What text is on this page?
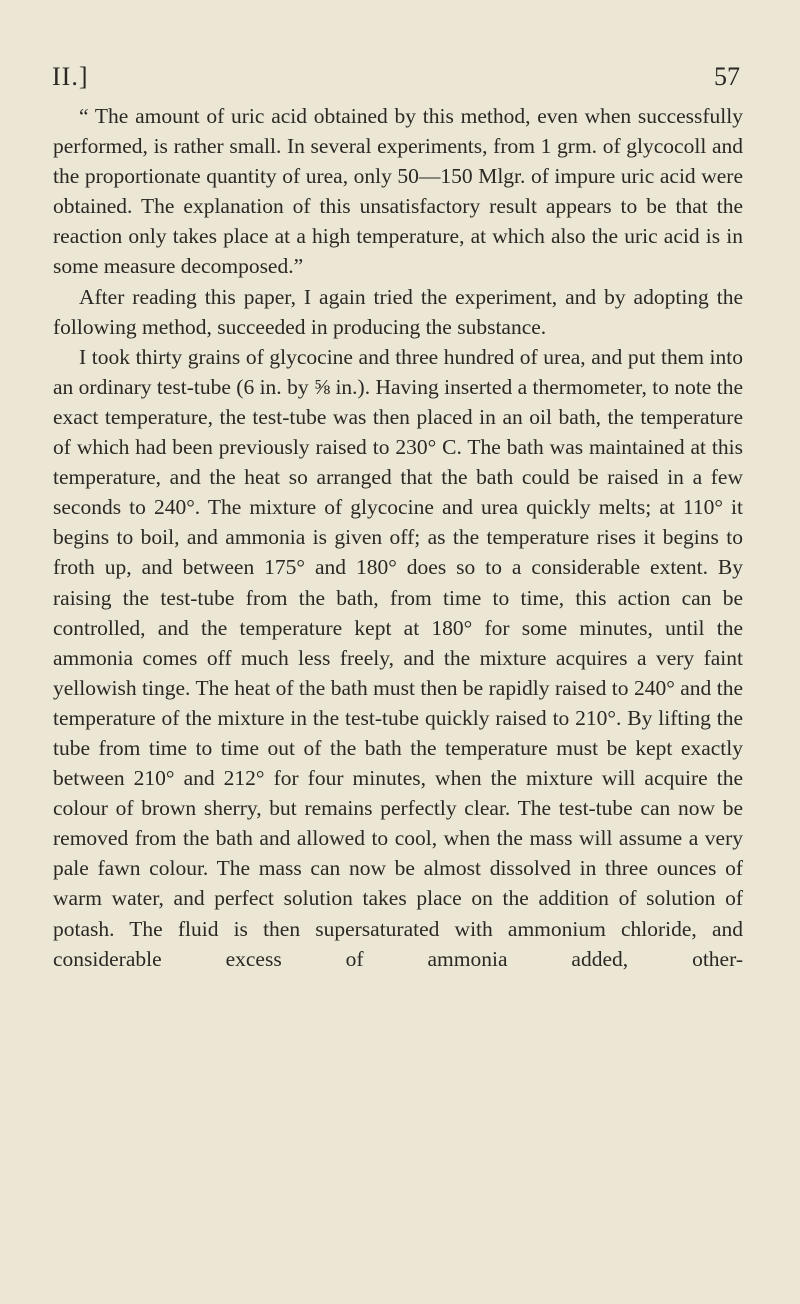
II.]	57

“ The amount of uric acid obtained by this method, even when successfully performed, is rather small. In several experiments, from 1 grm. of glycocoll and the proportionate quantity of urea, only 50—150 Mlgr. of impure uric acid were obtained. The explanation of this unsatisfactory result appears to be that the reaction only takes place at a high temperature, at which also the uric acid is in some measure decomposed.”

After reading this paper, I again tried the experiment, and by adopting the following method, succeeded in producing the substance.

I took thirty grains of glycocine and three hundred of urea, and put them into an ordinary test-tube (6 in. by ⅝ in.). Having inserted a thermometer, to note the exact temperature, the test-tube was then placed in an oil bath, the temperature of which had been previously raised to 230° C. The bath was maintained at this temperature, and the heat so arranged that the bath could be raised in a few seconds to 240°. The mixture of glycocine and urea quickly melts; at 110° it begins to boil, and ammonia is given off; as the temperature rises it begins to froth up, and between 175° and 180° does so to a considerable extent. By raising the test-tube from the bath, from time to time, this action can be controlled, and the temperature kept at 180° for some minutes, until the ammonia comes off much less freely, and the mixture acquires a very faint yellowish tinge. The heat of the bath must then be rapidly raised to 240° and the temperature of the mixture in the test-tube quickly raised to 210°. By lifting the tube from time to time out of the bath the temperature must be kept exactly between 210° and 212° for four minutes, when the mixture will acquire the colour of brown sherry, but remains perfectly clear. The test-tube can now be removed from the bath and allowed to cool, when the mass will assume a very pale fawn colour. The mass can now be almost dissolved in three ounces of warm water, and perfect solution takes place on the addition of solution of potash. The fluid is then supersaturated with ammonium chloride, and considerable excess of ammonia added, other-
